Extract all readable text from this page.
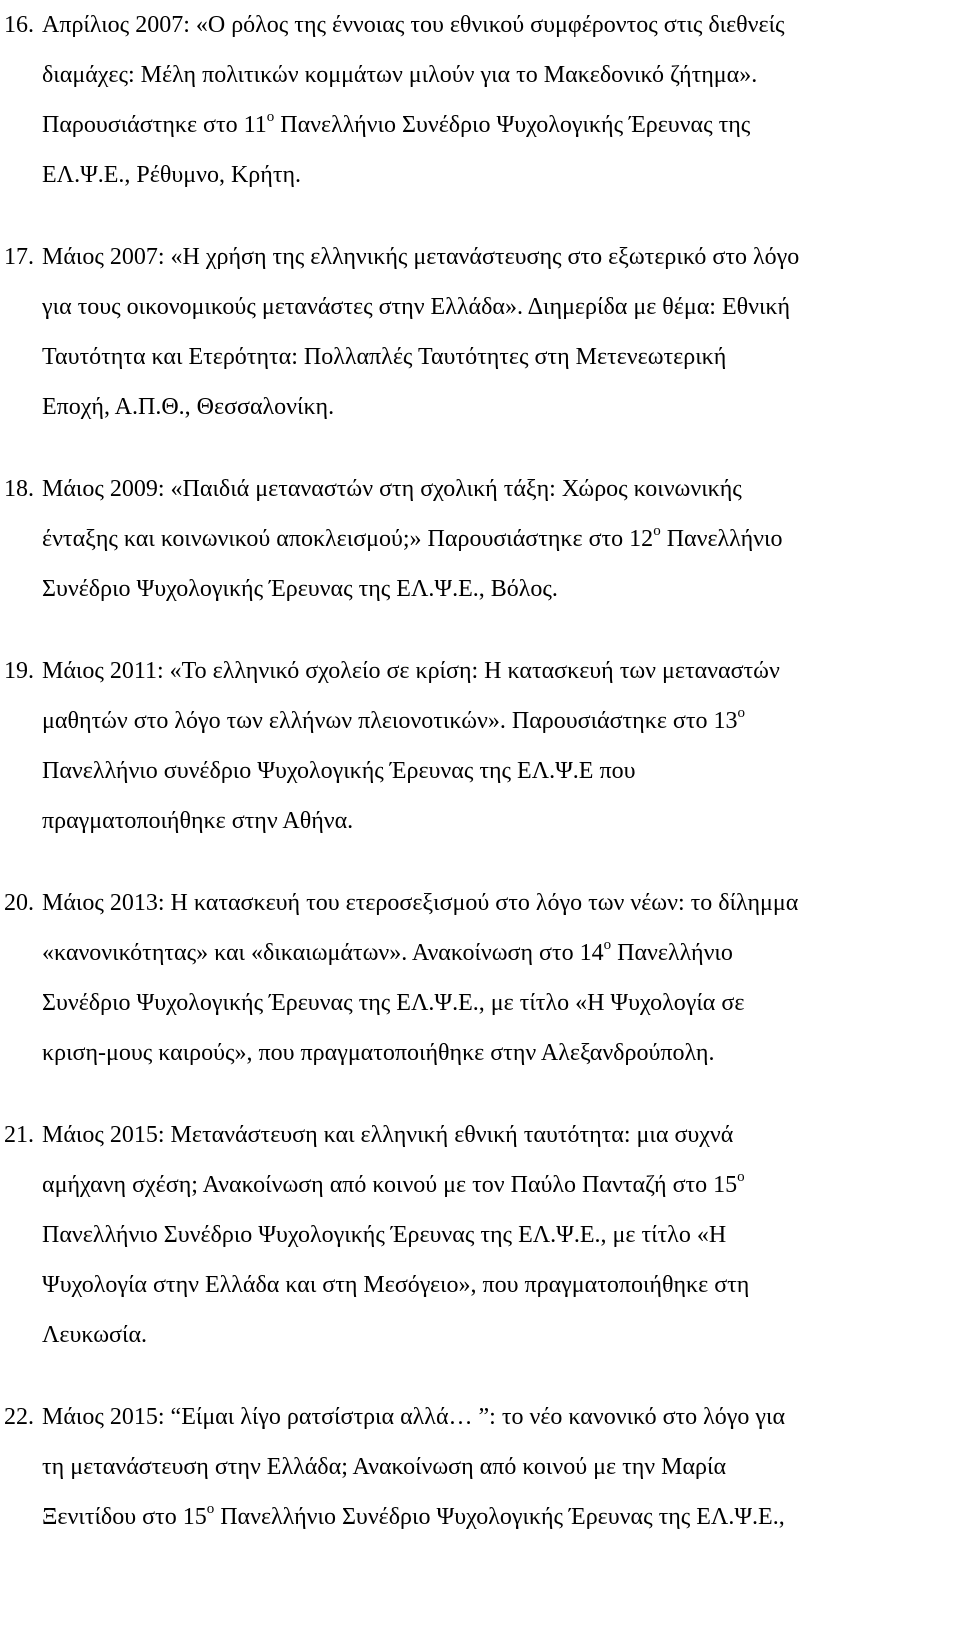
16.Απρίλιος 2007: «Ο ρόλος της έννοιας του εθνικού συμφέροντος στις διεθνείς
διαμάχες: Μέλη πολιτικών κομμάτων μιλούν για το Μακεδονικό ζήτημα».
Παρουσιάστηκε στο $11^o$ Πανελλήνιο Συνέδριο Ψυχολογικής Έρευνας της
ΕΛ.Ψ.Ε., Ρέθυμνο, Κρήτη.
17.Μάιος 2007: «Η χρήση της ελληνικής μετανάστευσης στο εξωτερικό στο λόγο
για τους οικονομικούς μετανάστες στην Ελλάδα». Διημερίδα με θέμα: Εθνική
Ταυτότητα και Ετερότητα: Πολλαπλές Ταυτότητες στη Μετενεωτερική
Εποχή, Α.Π.Θ., Θεσσαλονίκη.
18.Μάιος 2009: «Παιδιά μεταναστών στη σχολική τάξη: Χώρος κοινωνικής
ένταξης και κοινωνικού αποκλεισμού;» Παρουσιάστηκε στο $12^o$ Πανελλήνιο
Συνέδριο Ψυχολογικής Έρευνας της ΕΛ.Ψ.Ε., Βόλος.
19.Μάιος 2011: «Το ελληνικό σχολείο σε κρίση: Η κατασκευή των μεταναστών
μαθητών στο λόγο των ελλήνων πλειονοτικών». Παρουσιάστηκε στο $13^o$
Πανελλήνιο συνέδριο Ψυχολογικής Έρευνας της ΕΛ.Ψ.Ε που
πραγματοποιήθηκε στην Αθήνα.
20.Μάιος 2013: Η κατασκευή του ετεροσεξισμού στο λόγο των νέων: το δίλημμα
«κανονικότητας» και «δικαιωμάτων». Ανακοίνωση στο $14^o$ Πανελλήνιο
Συνέδριο Ψυχολογικής Έρευνας της ΕΛ.Ψ.Ε., με τίτλο «Η Ψυχολογία σε
κριση-μους καιρούς», που πραγματοποιήθηκε στην Αλεξανδρούπολη.
21.Μάιος 2015: Μετανάστευση και ελληνική εθνική ταυτότητα: μια συχνά
αμήχανη σχέση; Ανακοίνωση από κοινού με τον Παύλο Πανταζή στο $15^o$
Πανελλήνιο Συνέδριο Ψυχολογικής Έρευνας της ΕΛ.Ψ.Ε., με τίτλο «Η
Ψυχολογία στην Ελλάδα και στη Μεσόγειο», που πραγματοποιήθηκε στη
Λευκωσία.
22.Μάιος 2015: “Είμαι λίγο ρατσίστρια αλλά… ”: το νέο κανονικό στο λόγο για
τη μετανάστευση στην Ελλάδα; Ανακοίνωση από κοινού με την Μαρία
Ξενιτίδου στο $15^o$ Πανελλήνιο Συνέδριο Ψυχολογικής Έρευνας της ΕΛ.Ψ.Ε.,
